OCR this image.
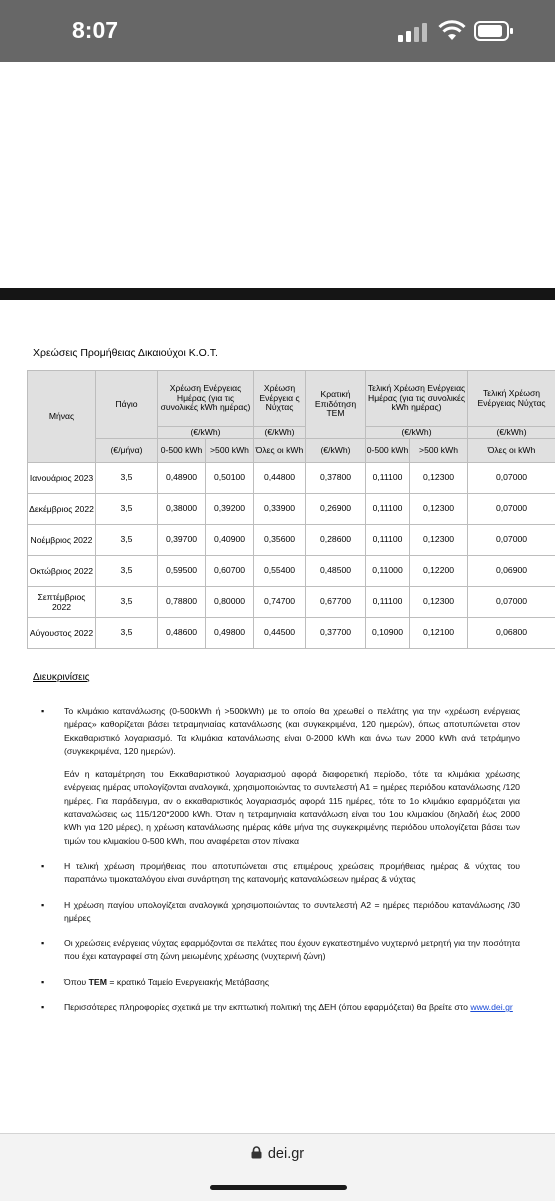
8:07
Χρεώσεις Προμήθειας Δικαιούχοι Κ.Ο.Τ.
Μήνας	Πάγιο	Χρέωση Ενέργειας Ημέρας (για τις συνολικές kWh ημέρας)		Χρέωση Ενέργεια ς Νύχτας	Κρατική Επιδότηση ΤΕΜ	Τελική Χρέωση Ενέργειας Ημέρας (για τις συνολικές kWh ημέρας)		Τελική Χρέωση Ενέργειας Νύχτας
		(€/kWh)		(€/kWh)		(€/kWh)		(€/kWh)
	(€/μήνα)	0-500 kWh	>500 kWh	Όλες οι kWh	(€/kWh)	0-500 kWh	>500 kWh	Όλες οι kWh
Ιανουάριος 2023	3,5	0,48900	0,50100	0,44800	0,37800	0,11100	0,12300	0,07000
Δεκέμβριος 2022	3,5	0,38000	0,39200	0,33900	0,26900	0,11100	0,12300	0,07000
Νοέμβριος 2022	3,5	0,39700	0,40900	0,35600	0,28600	0,11100	0,12300	0,07000
Οκτώβριος 2022	3,5	0,59500	0,60700	0,55400	0,48500	0,11000	0,12200	0,06900
Σεπτέμβριος 2022	3,5	0,78800	0,80000	0,74700	0,67700	0,11100	0,12300	0,07000
Αύγουστος 2022	3,5	0,48600	0,49800	0,44500	0,37700	0,10900	0,12100	0,06800
Διευκρινίσεις
▪ Το κλιμάκιο κατανάλωσης (0-500kWh ή >500kWh) με το οποίο θα χρεωθεί ο πελάτης για την «χρέωση ενέργειας ημέρας» καθορίζεται βάσει τετραμηνιαίας κατανάλωσης (και συγκεκριμένα, 120 ημερών), όπως αποτυπώνεται στον Εκκαθαριστικό λογαριασμό. Τα κλιμάκια κατανάλωσης είναι 0-2000 kWh και άνω των 2000 kWh ανά τετράμηνο (συγκεκριμένα, 120 ημερών).

Εάν η καταμέτρηση του Εκκαθαριστικού λογαριασμού αφορά διαφορετική περίοδο, τότε τα κλιμάκια χρέωσης ενέργειας ημέρας υπολογίζονται αναλογικά, χρησιμοποιώντας το συντελεστή Α1 = ημέρες περιόδου κατανάλωσης /120 ημέρες. Για παράδειγμα, αν ο εκκαθαριστικός λογαριασμός αφορά 115 ημέρες, τότε το 1ο κλιμάκιο εφαρμόζεται για καταναλώσεις ως 115/120*2000 kWh. Όταν η τετραμηνιαία κατανάλωση είναι του 1ου κλιμακίου (δηλαδή έως 2000 kWh για 120 μέρες), η χρέωση κατανάλωσης ημέρας κάθε μήνα της συγκεκριμένης περιόδου υπολογίζεται βάσει των τιμών του κλιμακίου 0-500 kWh, που αναφέρεται στον πίνακα

▪ Η τελική χρέωση προμήθειας που αποτυπώνεται στις επιμέρους χρεώσεις προμήθειας ημέρας & νύχτας του παραπάνω τιμοκαταλόγου είναι συνάρτηση της κατανομής καταναλώσεων ημέρας & νύχτας
▪ Η χρέωση παγίου υπολογίζεται αναλογικά χρησιμοποιώντας το συντελεστή Α2 = ημέρες περιόδου κατανάλωσης /30 ημέρες
▪ Οι χρεώσεις ενέργειας νύχτας εφαρμόζονται σε πελάτες που έχουν εγκατεστημένο νυχτερινό μετρητή για την ποσότητα που έχει καταγραφεί στη ζώνη μειωμένης χρέωσης (νυχτερινή ζώνη)
▪ Όπου ΤΕΜ = κρατικό Ταμείο Ενεργειακής Μετάβασης
▪ Περισσότερες πληροφορίες σχετικά με την εκπτωτική πολιτική της ΔΕΗ (όπου εφαρμόζεται) θα βρείτε στο www.dei.gr
dei.gr
